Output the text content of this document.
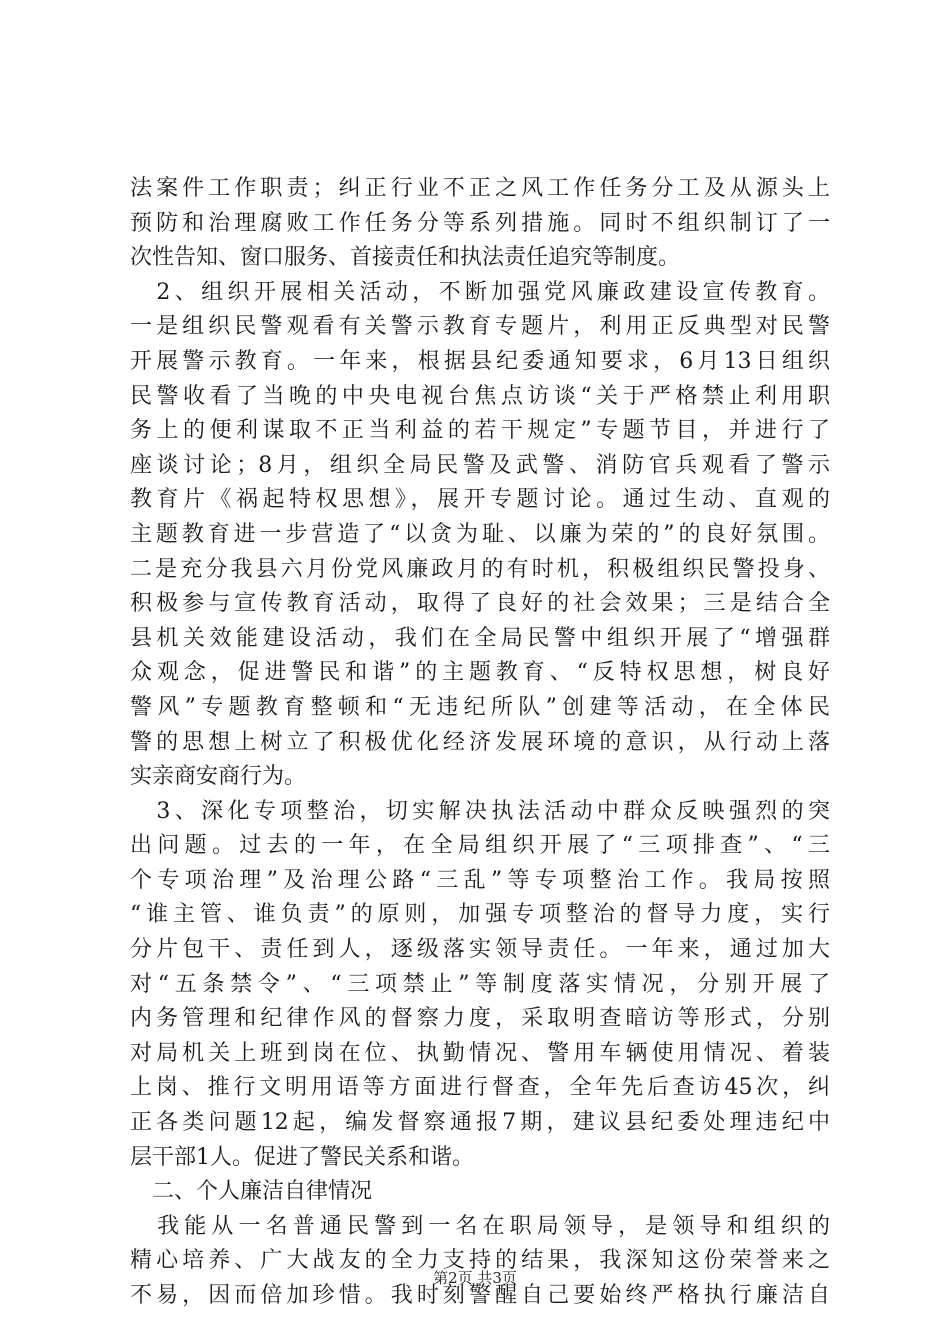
法案件工作职责；纠正行业不正之风工作任务分工及从源头上
预防和治理腐败工作任务分等系列措施。同时不组织制订了一
次性告知、窗口服务、首接责任和执法责任追究等制度。
　2、组织开展相关活动，不断加强党风廉政建设宣传教育。
一是组织民警观看有关警示教育专题片，利用正反典型对民警
开展警示教育。一年来，根据县纪委通知要求，6月13日组织
民警收看了当晚的中央电视台焦点访谈“关于严格禁止利用职
务上的便利谋取不正当利益的若干规定”专题节目，并进行了
座谈讨论；8月，组织全局民警及武警、消防官兵观看了警示
教育片《祸起特权思想》，展开专题讨论。通过生动、直观的
主题教育进一步营造了“以贪为耻、以廉为荣的”的良好氛围。
二是充分我县六月份党风廉政月的有时机，积极组织民警投身、
积极参与宣传教育活动，取得了良好的社会效果；三是结合全
县机关效能建设活动，我们在全局民警中组织开展了“增强群
众观念，促进警民和谐”的主题教育、“反特权思想，树良好
警风”专题教育整顿和“无违纪所队”创建等活动，在全体民
警的思想上树立了积极优化经济发展环境的意识，从行动上落
实亲商安商行为。
　3、深化专项整治，切实解决执法活动中群众反映强烈的突
出问题。过去的一年，在全局组织开展了“三项排查”、“三
个专项治理”及治理公路“三乱”等专项整治工作。我局按照
“谁主管、谁负责”的原则，加强专项整治的督导力度，实行
分片包干、责任到人，逐级落实领导责任。一年来，通过加大
对“五条禁令”、“三项禁止”等制度落实情况，分别开展了
内务管理和纪律作风的督察力度，采取明查暗访等形式，分别
对局机关上班到岗在位、执勤情况、警用车辆使用情况、着装
上岗、推行文明用语等方面进行督查，全年先后查访45次，纠
正各类问题12起，编发督察通报7期，建议县纪委处理违纪中
层干部1人。促进了警民关系和谐。
　二、个人廉洁自律情况
　我能从一名普通民警到一名在职局领导，是领导和组织的
精心培养、广大战友的全力支持的结果，我深知这份荣誉来之
不易，因而倍加珍惜。我时刻警醒自己要始终严格执行廉洁自
第2页 共3页
